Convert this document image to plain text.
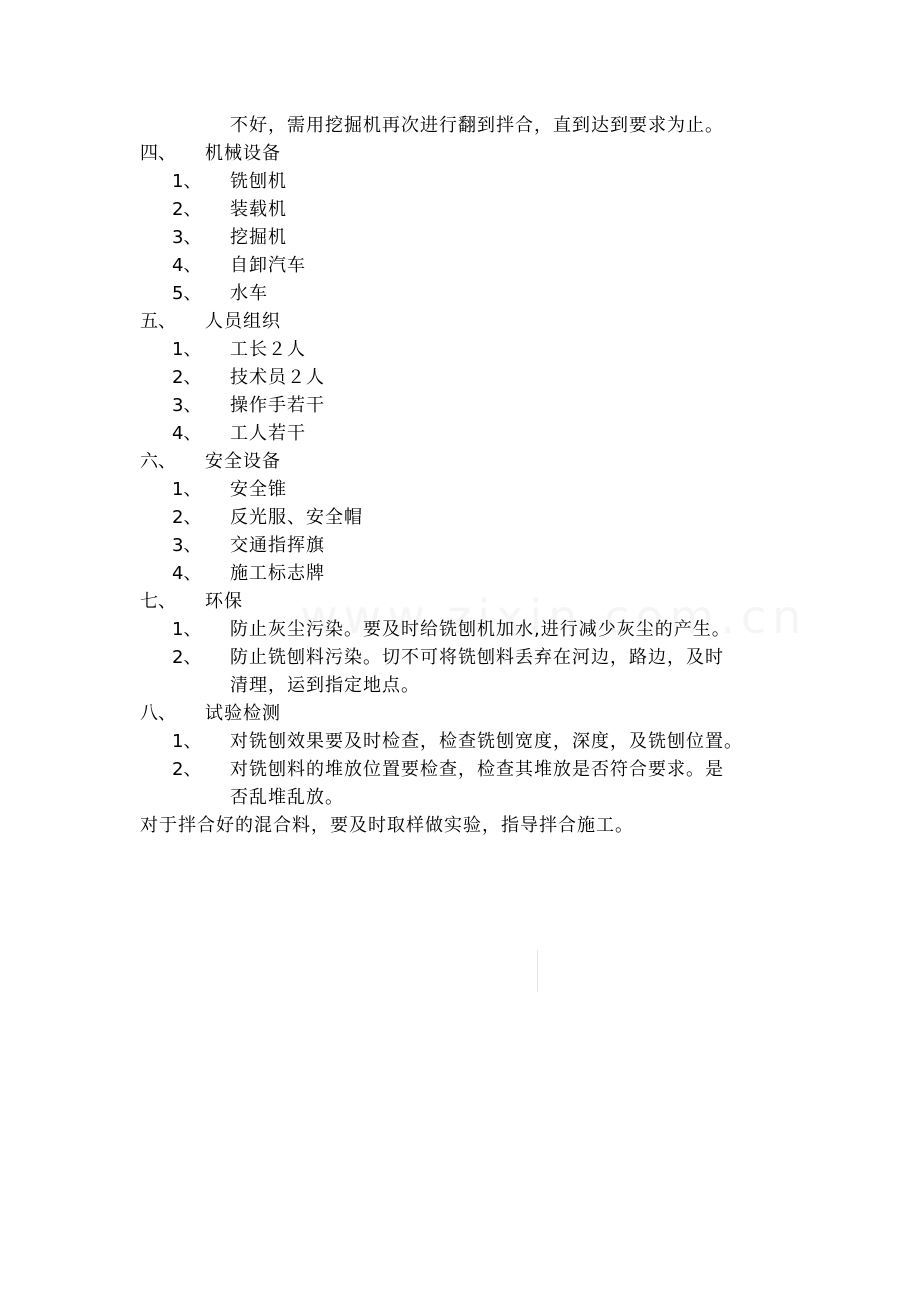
不好，需用挖掘机再次进行翻到拌合，直到达到要求为止。
四、 机械设备
1、 铣刨机
2、 装载机
3、 挖掘机
4、 自卸汽车
5、 水车
五、 人员组织
1、 工长２人
2、 技术员２人
3、 操作手若干
4、 工人若干
六、 安全设备
1、 安全锥
2、 反光服、安全帽
3、 交通指挥旗
4、 施工标志牌
七、 环保
1、 防止灰尘污染。要及时给铣刨机加水,进行减少灰尘的产生。
2、 防止铣刨料污染。切不可将铣刨料丢弃在河边，路边，及时
清理，运到指定地点。
八、 试验检测
1、 对铣刨效果要及时检查，检查铣刨宽度，深度，及铣刨位置。
2、 对铣刨料的堆放位置要检查，检查其堆放是否符合要求。是
否乱堆乱放。
对于拌合好的混合料，要及时取样做实验，指导拌合施工。
